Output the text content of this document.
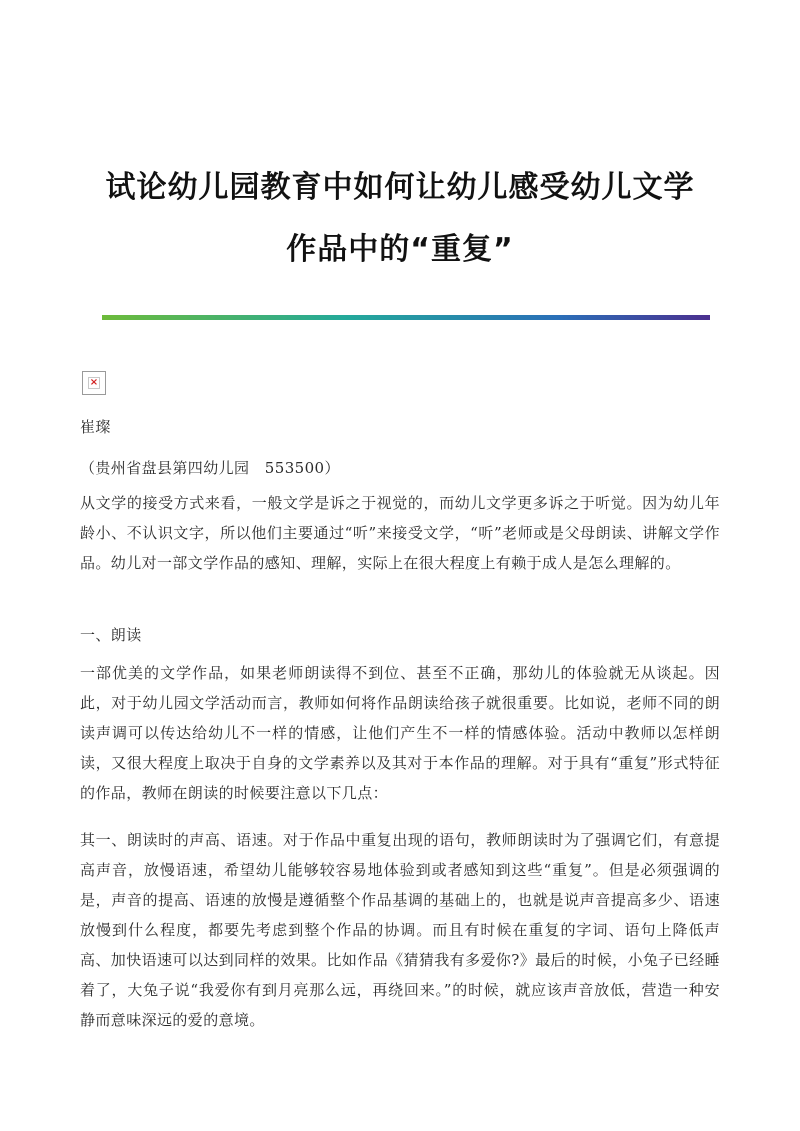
试论幼儿园教育中如何让幼儿感受幼儿文学
作品中的“重复”
×
崔璨
（贵州省盘县第四幼儿园　553500）
从文学的接受方式来看，一般文学是诉之于视觉的，而幼儿文学更多诉之于听觉。因为幼儿年龄小、不认识文字，所以他们主要通过“听”来接受文学，“听”老师或是父母朗读、讲解文学作品。幼儿对一部文学作品的感知、理解，实际上在很大程度上有赖于成人是怎么理解的。
一、朗读
一部优美的文学作品，如果老师朗读得不到位、甚至不正确，那幼儿的体验就无从谈起。因此，对于幼儿园文学活动而言，教师如何将作品朗读给孩子就很重要。比如说，老师不同的朗读声调可以传达给幼儿不一样的情感，让他们产生不一样的情感体验。活动中教师以怎样朗读，又很大程度上取决于自身的文学素养以及其对于本作品的理解。对于具有“重复”形式特征的作品，教师在朗读的时候要注意以下几点：
其一、朗读时的声高、语速。对于作品中重复出现的语句，教师朗读时为了强调它们，有意提高声音，放慢语速，希望幼儿能够较容易地体验到或者感知到这些“重复”。但是必须强调的是，声音的提高、语速的放慢是遵循整个作品基调的基础上的，也就是说声音提高多少、语速放慢到什么程度，都要先考虑到整个作品的协调。而且有时候在重复的字词、语句上降低声高、加快语速可以达到同样的效果。比如作品《猜猜我有多爱你?》最后的时候，小兔子已经睡着了，大兔子说“我爱你有到月亮那么远，再绕回来。”的时候，就应该声音放低，营造一种安静而意味深远的爱的意境。
